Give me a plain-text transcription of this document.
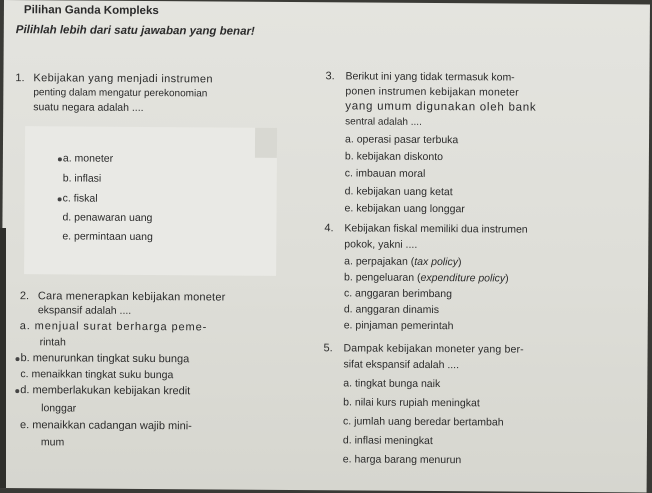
Pilihan Ganda Kompleks
Pilihlah lebih dari satu jawaban yang benar!
1. Kebijakan yang menjadi instrumen
penting dalam mengatur perekonomian
suatu negara adalah ....
a. moneter
b. inflasi
c. fiskal
d. penawaran uang
e. permintaan uang
2. Cara menerapkan kebijakan moneter
ekspansif adalah ....
a. menjual surat berharga peme-
rintah
b. menurunkan tingkat suku bunga
c. menaikkan tingkat suku bunga
d. memberlakukan kebijakan kredit
longgar
e. menaikkan cadangan wajib mini-
mum
3. Berikut ini yang tidak termasuk kom-
ponen instrumen kebijakan moneter
yang umum digunakan oleh bank
sentral adalah ....
a. operasi pasar terbuka
b. kebijakan diskonto
c. imbauan moral
d. kebijakan uang ketat
e. kebijakan uang longgar
4. Kebijakan fiskal memiliki dua instrumen
pokok, yakni ....
a. perpajakan (tax policy)
b. pengeluaran (expenditure policy)
c. anggaran berimbang
d. anggaran dinamis
e. pinjaman pemerintah
5. Dampak kebijakan moneter yang ber-
sifat ekspansif adalah ....
a. tingkat bunga naik
b. nilai kurs rupiah meningkat
c. jumlah uang beredar bertambah
d. inflasi meningkat
e. harga barang menurun
